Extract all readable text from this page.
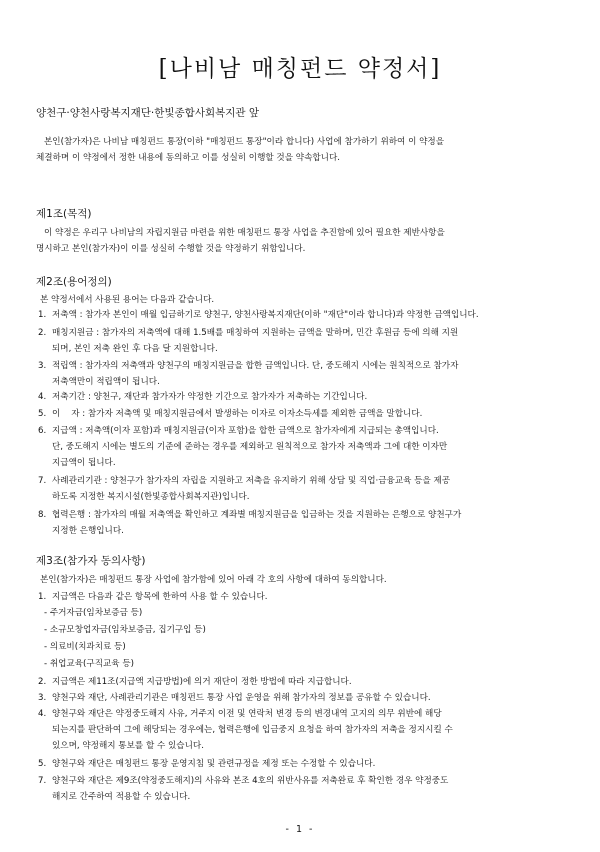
[나비남 매칭펀드 약정서]
양천구·양천사랑복지재단·한빛종합사회복지관 앞
본인(참가자)은 나비남 매칭펀드 통장(이하 "매칭펀드 통장"이라 합니다) 사업에 참가하기 위하여 이 약정을
체결하며 이 약정에서 정한 내용에 동의하고 이를 성실히 이행할 것을 약속합니다.
제1조(목적)
이 약정은 우리구 나비남의 자립지원금 마련을 위한 매칭펀드 통장 사업을 추진함에 있어 필요한 제반사항을
명시하고 본인(참가자)이 이를 성실히 수행할 것을 약정하기 위함입니다.
제2조(용어정의)
본 약정서에서 사용된 용어는 다음과 같습니다.
1. 저축액 : 참가자 본인이 매월 입금하기로 양천구, 양천사랑복지재단(이하 "재단"이라 합니다)과 약정한 금액입니다.
2. 매칭지원금 : 참가자의 저축액에 대해 1.5배를 매칭하여 지원하는 금액을 말하며, 민간 후원금 등에 의해 지원
되며, 본인 저축 완인 후 다음 달 지원합니다.
3. 적립액 : 참가자의 저축액과 양천구의 매칭지원금을 합한 금액입니다. 단, 중도해지 시에는 원칙적으로 참가자
저축액만이 적립액이 됩니다.
4. 저축기간 : 양천구, 재단과 참가자가 약정한 기간으로 참가자가 저축하는 기간입니다.
5. 이    자 : 참가자 저축액 및 매칭지원금에서 발생하는 이자로 이자소득세를 제외한 금액을 말합니다.
6. 지급액 : 저축액(이자 포함)과 매칭지원금(이자 포함)을 합한 금액으로 참가자에게 지급되는 총액입니다.
단, 중도해지 시에는 별도의 기준에 준하는 경우를 제외하고 원칙적으로 참가자 저축액과 그에 대한 이자만
지급액이 됩니다.
7. 사례관리기관 : 양천구가 참가자의 자립을 지원하고 저축을 유지하기 위해 상담 및 직업·금융교육 등을 제공
하도록 지정한 복지시설(한빛종합사회복지관)입니다.
8. 협력은행 : 참가자의 매월 저축액을 확인하고 계좌별 매칭지원금을 입금하는 것을 지원하는 은행으로 양천구가
지정한 은행입니다.
제3조(참가자 동의사항)
본인(참가자)은 매칭펀드 통장 사업에 참가함에 있어 아래 각 호의 사항에 대하여 동의합니다.
1. 지급액은 다음과 같은 항목에 한하여 사용 할 수 있습니다.
- 주거자금(임차보증금 등)
- 소규모창업자금(임차보증금, 집기구입 등)
- 의료비(치과치료 등)
- 취업교육(구직교육 등)
2. 지급액은 제11조(지급액 지급방법)에 의거 재단이 정한 방법에 따라 지급합니다.
3. 양천구와 재단, 사례관리기관은 매칭펀드 통장 사업 운영을 위해 참가자의 정보를 공유할 수 있습니다.
4. 양천구와 재단은 약정중도해지 사유, 거주지 이전 및 연락처 변경 등의 변경내역 고지의 의무 위반에 해당
되는지를 판단하여 그에 해당되는 경우에는, 협력은행에 입금중지 요청을 하여 참가자의 저축을 정지시킬 수
있으며, 약정해지 통보를 할 수 있습니다.
5. 양천구와 재단은 매칭펀드 통장 운영지침 및 관련규정을 제정 또는 수정할 수 있습니다.
7. 양천구와 재단은 제9조(약정중도해지)의 사유와 본조 4호의 위반사유를 저축완료 후 확인한 경우 약정중도
해지로 간주하여 적용할 수 있습니다.
- 1 -
